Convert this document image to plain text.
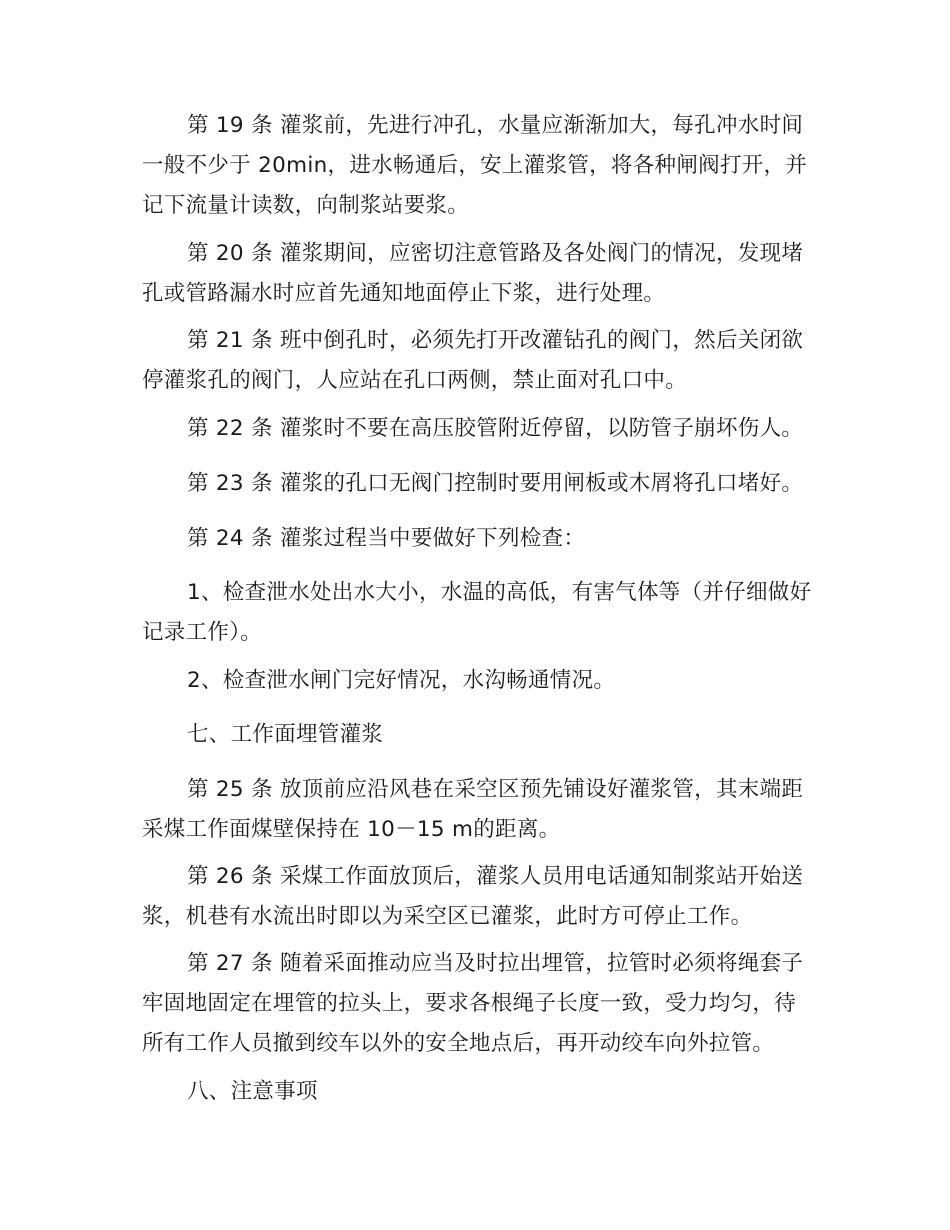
第 19 条 灌浆前，先进行冲孔，水量应渐渐加大，每孔冲水时间一般不少于 20min，进水畅通后，安上灌浆管，将各种闸阀打开，并记下流量计读数，向制浆站要浆。

第 20 条 灌浆期间，应密切注意管路及各处阀门的情况，发现堵孔或管路漏水时应首先通知地面停止下浆，进行处理。

第 21 条 班中倒孔时，必须先打开改灌钻孔的阀门，然后关闭欲停灌浆孔的阀门，人应站在孔口两侧，禁止面对孔口中。

第 22 条 灌浆时不要在高压胶管附近停留，以防管子崩坏伤人。

第 23 条 灌浆的孔口无阀门控制时要用闸板或木屑将孔口堵好。

第 24 条 灌浆过程当中要做好下列检查：

1、检查泄水处出水大小，水温的高低，有害气体等（并仔细做好记录工作）。

2、检查泄水闸门完好情况，水沟畅通情况。

七、工作面埋管灌浆

第 25 条 放顶前应沿风巷在采空区预先铺设好灌浆管，其末端距采煤工作面煤壁保持在 10－15 m的距离。

第 26 条 采煤工作面放顶后，灌浆人员用电话通知制浆站开始送浆，机巷有水流出时即以为采空区已灌浆，此时方可停止工作。

第 27 条 随着采面推动应当及时拉出埋管，拉管时必须将绳套子牢固地固定在埋管的拉头上，要求各根绳子长度一致，受力均匀，待所有工作人员撤到绞车以外的安全地点后，再开动绞车向外拉管。

八、注意事项
